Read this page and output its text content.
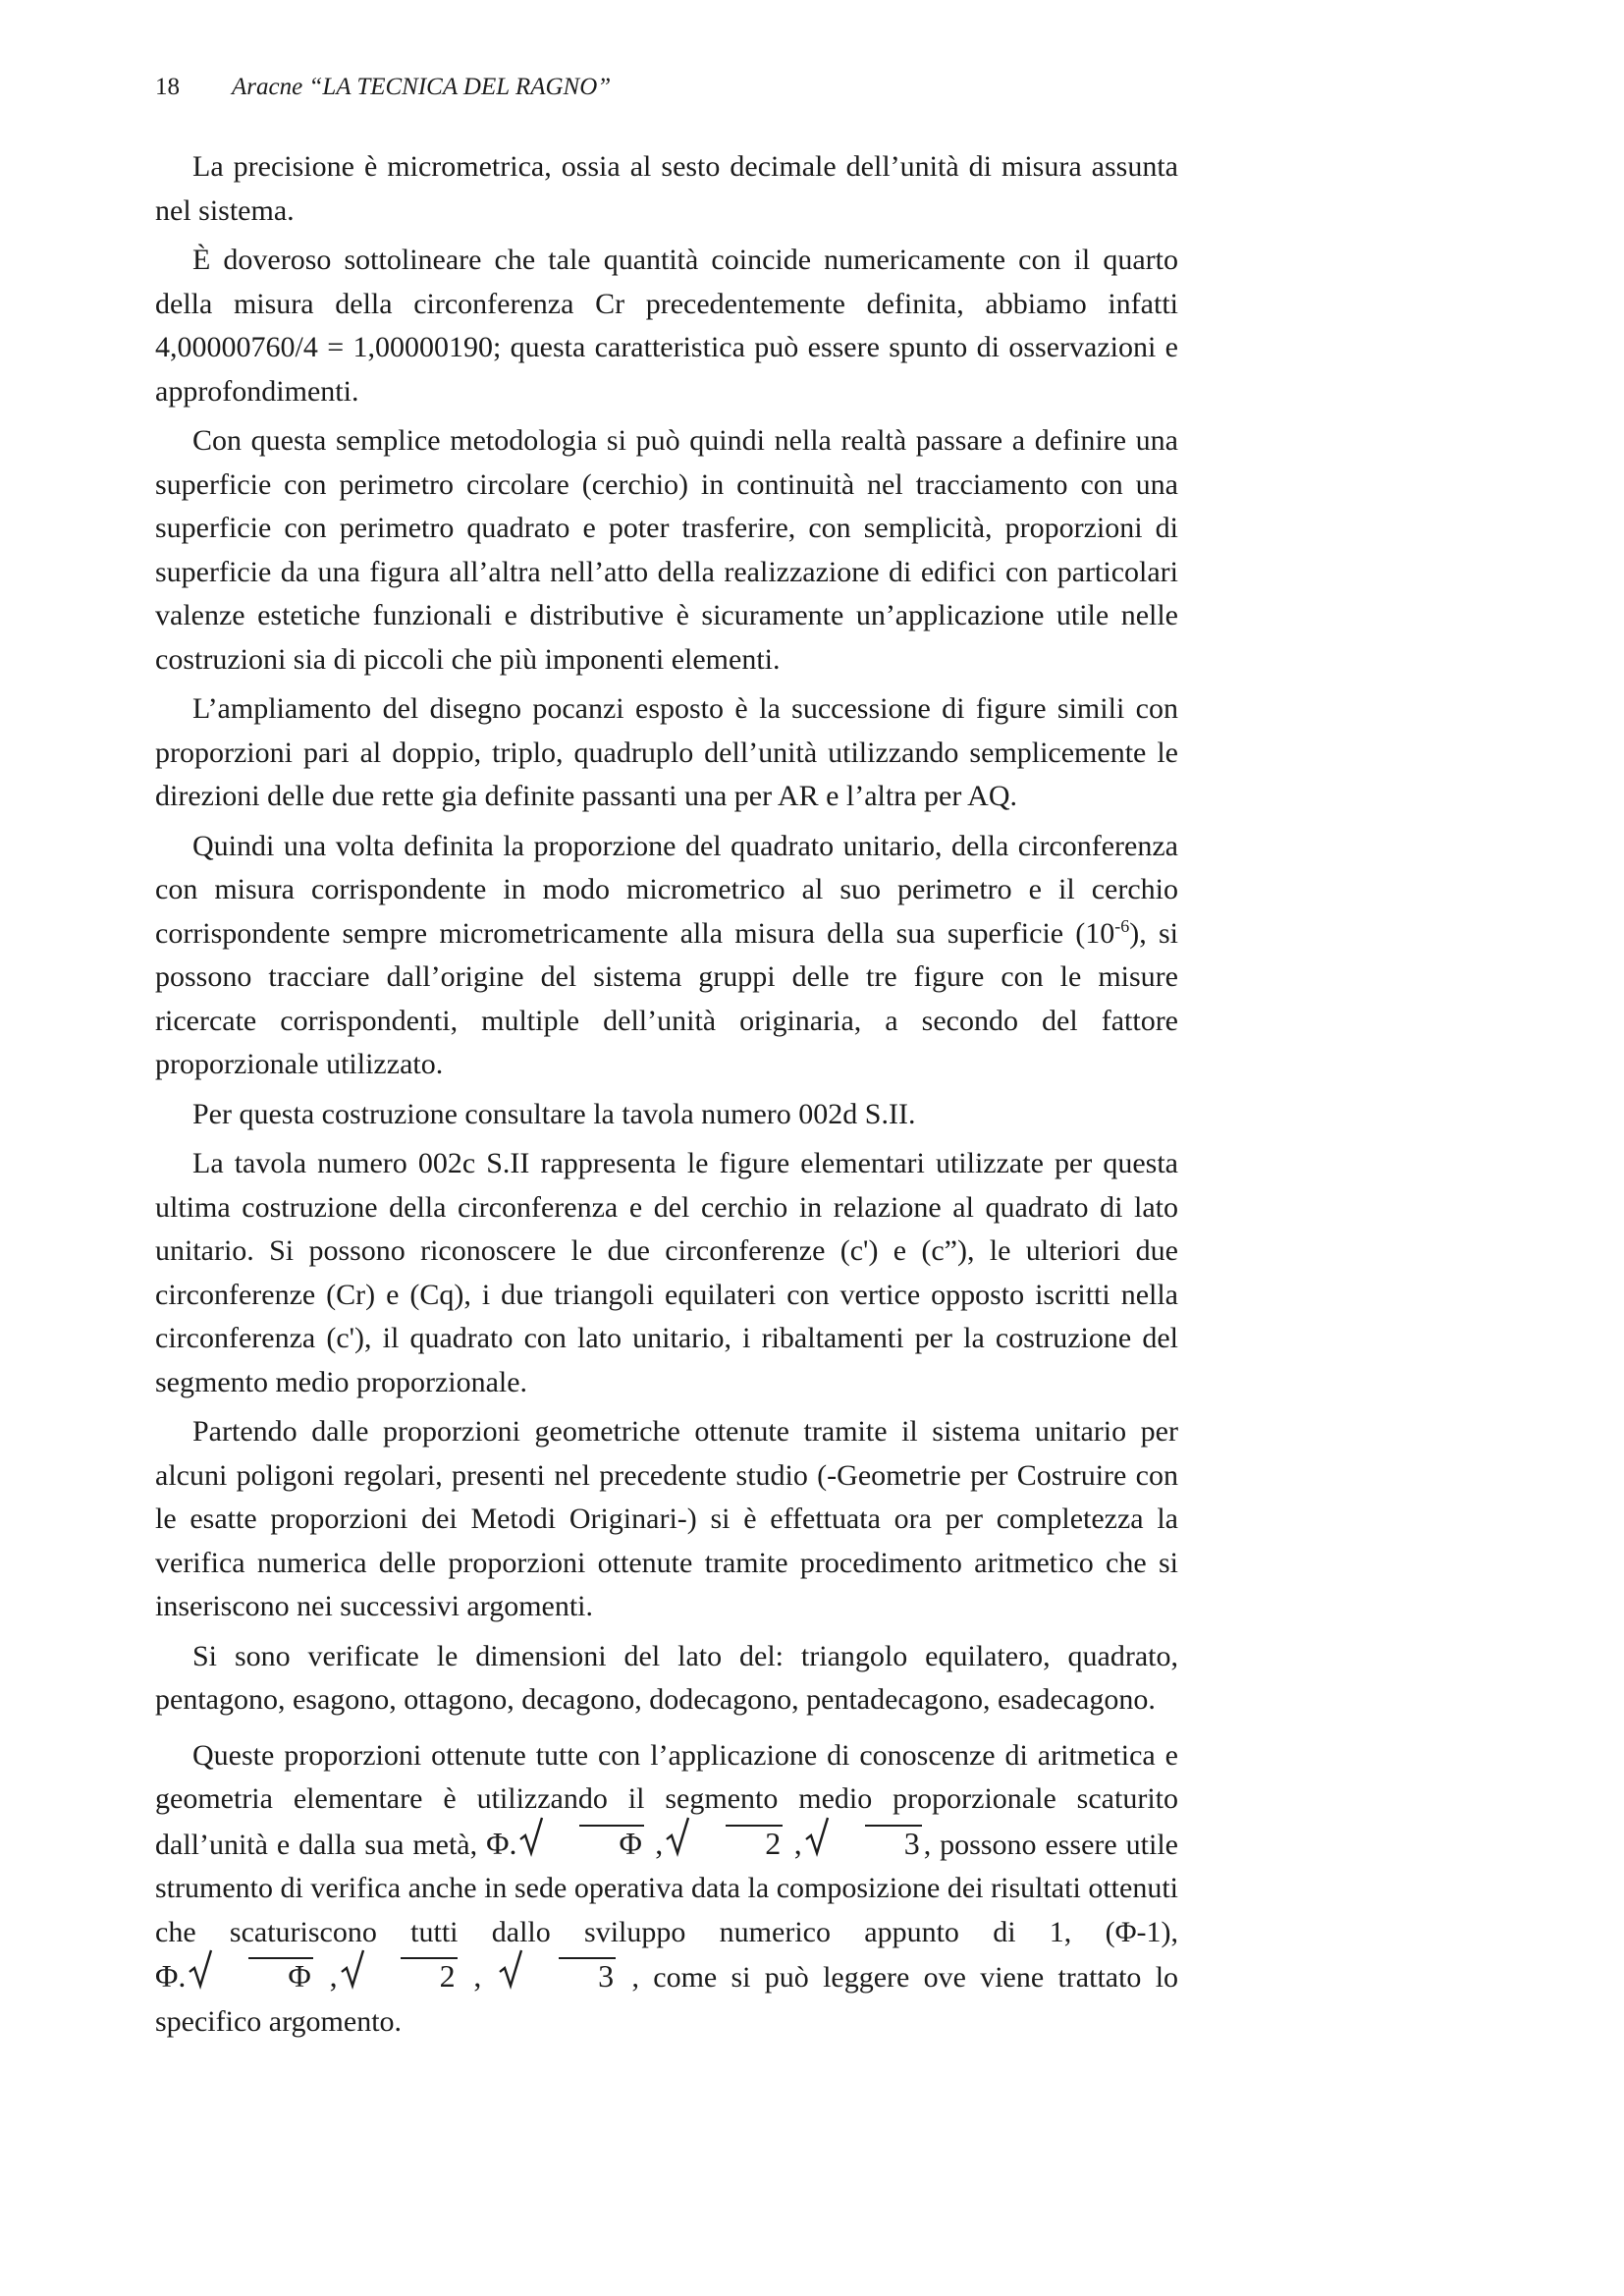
18 Aracne “LA TECNICA DEL RAGNO”

La precisione è micrometrica, ossia al sesto decimale dell’unità di misura assunta nel sistema.

È doveroso sottolineare che tale quantità coincide numericamente con il quarto della misura della circonferenza Cr precedentemente definita, abbiamo infatti 4,00000760/4 = 1,00000190; questa caratteristica può essere spunto di osservazioni e approfondimenti.

Con questa semplice metodologia si può quindi nella realtà passare a definire una superficie con perimetro circolare (cerchio) in continuità nel tracciamento con una superficie con perimetro quadrato e poter trasferire, con semplicità, proporzioni di superficie da una figura all’altra nell’atto della realizzazione di edifici con particolari valenze estetiche funzionali e distributive è sicuramente un’applicazione utile nelle costruzioni sia di piccoli che più imponenti elementi.

L’ampliamento del disegno pocanzi esposto è la successione di figure simili con proporzioni pari al doppio, triplo, quadruplo dell’unità utilizzando semplicemente le direzioni delle due rette gia definite passanti una per AR e l’altra per AQ.

Quindi una volta definita la proporzione del quadrato unitario, della circonferenza con misura corrispondente in modo micrometrico al suo perimetro e il cerchio corrispondente sempre micrometricamente alla misura della sua superficie $(10^{-6})$, si possono tracciare dall’origine del sistema gruppi delle tre figure con le misure ricercate corrispondenti, multiple dell’unità originaria, a secondo del fattore proporzionale utilizzato.

Per questa costruzione consultare la tavola numero 002d S.II.

La tavola numero 002c S.II rappresenta le figure elementari utilizzate per questa ultima costruzione della circonferenza e del cerchio in relazione al quadrato di lato unitario. Si possono riconoscere le due circonferenze (c') e (c”), le ulteriori due circonferenze (Cr) e (Cq), i due triangoli equilateri con vertice opposto iscritti nella circonferenza (c'), il quadrato con lato unitario, i ribaltamenti per la costruzione del segmento medio proporzionale.

Partendo dalle proporzioni geometriche ottenute tramite il sistema unitario per alcuni poligoni regolari, presenti nel precedente studio (-Geometrie per Costruire con le esatte proporzioni dei Metodi Originari-) si è effettuata ora per completezza la verifica numerica delle proporzioni ottenute tramite procedimento aritmetico che si inseriscono nei successivi argomenti.

Si sono verificate le dimensioni del lato del: triangolo equilatero, quadrato, pentagono, esagono, ottagono, decagono, dodecagono, pentadecagono, esadecagono.

Queste proporzioni ottenute tutte con l’applicazione di conoscenze di aritmetica e geometria elementare è utilizzando il segmento medio proporzionale scaturito dall’unità e dalla sua metà, Φ.	Φ ,	2 ,	3 , possono essere utile strumento di verifica anche in sede operativa data la composizione dei risultati ottenuti che scaturiscono tutti dallo sviluppo numerico appunto di 1, (Φ-1), Φ.	Φ ,	2 ,	3 , come si può leggere ove viene trattato lo specifico argomento.
